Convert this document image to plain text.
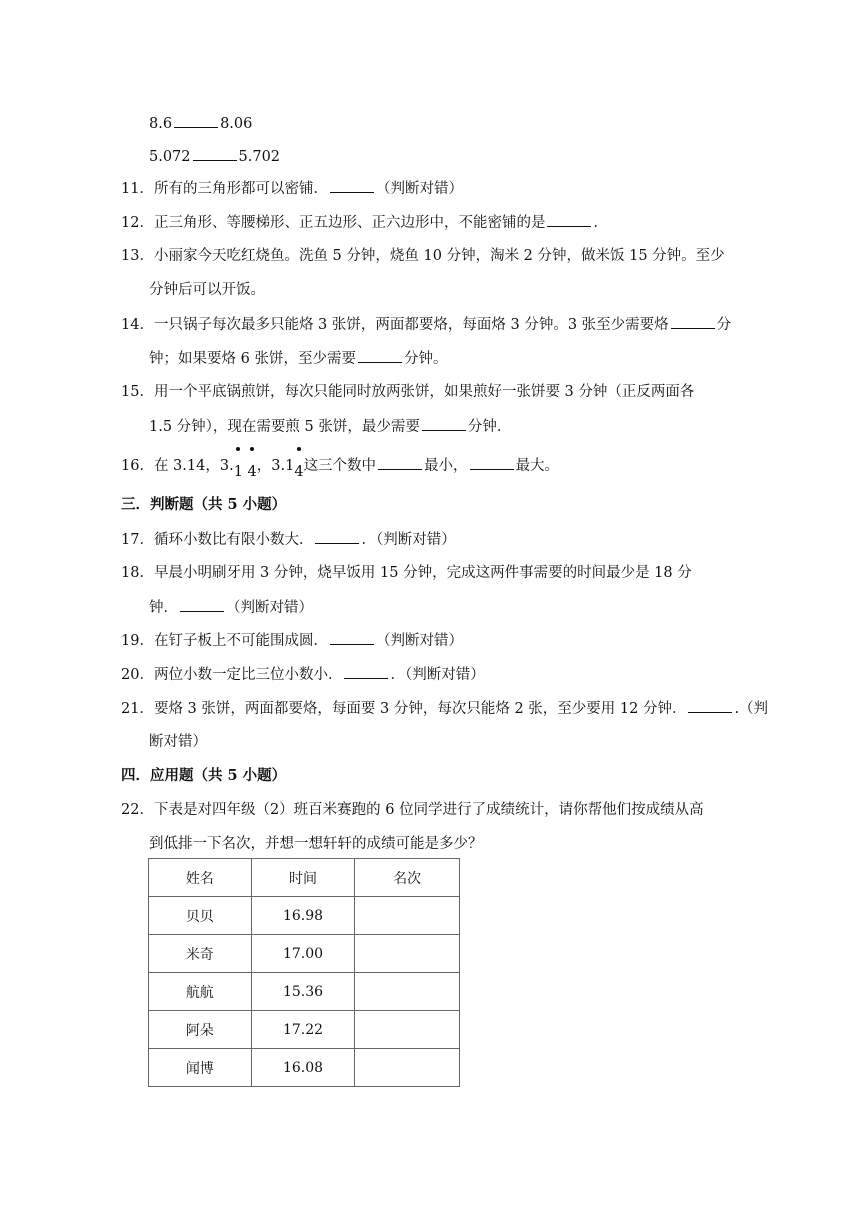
8.6	8.06
5.072	5.702
11．所有的三角形都可以密铺．	（判断对错）
12．正三角形、等腰梯形、正五边形、正六边形中，不能密铺的是	．
13．小丽家今天吃红烧鱼。洗鱼 5 分钟，烧鱼 10 分钟，淘米 2 分钟，做米饭 15 分钟。至少
分钟后可以开饭。
14．一只锅子每次最多只能烙 3 张饼，两面都要烙，每面烙 3 分钟。3 张至少需要烙	分
钟；如果要烙 6 张饼，至少需要	分钟。
15．用一个平底锅煎饼，每次只能同时放两张饼，如果煎好一张饼要 3 分钟（正反两面各
1.5 分钟），现在需要煎 5 张饼，最少需要	分钟．
16．在 3.14，3.
1 4，3.1
4这三个数中	最小，	最大。
三．判断题（共 5 小题）
17．循环小数比有限小数大．	．（判断对错）
18．早晨小明刷牙用 3 分钟，烧早饭用 15 分钟，完成这两件事需要的时间最少是 18 分
钟．	（判断对错）
19．在钉子板上不可能围成圆．	（判断对错）
20．两位小数一定比三位小数小．	．（判断对错）
21．要烙 3 张饼，两面都要烙，每面要 3 分钟，每次只能烙 2 张，至少要用 12 分钟．	.（判
断对错）
四．应用题（共 5 小题）
22．下表是对四年级（2）班百米赛跑的 6 位同学进行了成绩统计，请你帮他们按成绩从高
到低排一下名次，并想一想轩轩的成绩可能是多少？
姓名	时间	名次
贝贝	16.98	
米奇	17.00	
航航	15.36	
阿朵	17.22	
闻博	16.08	
